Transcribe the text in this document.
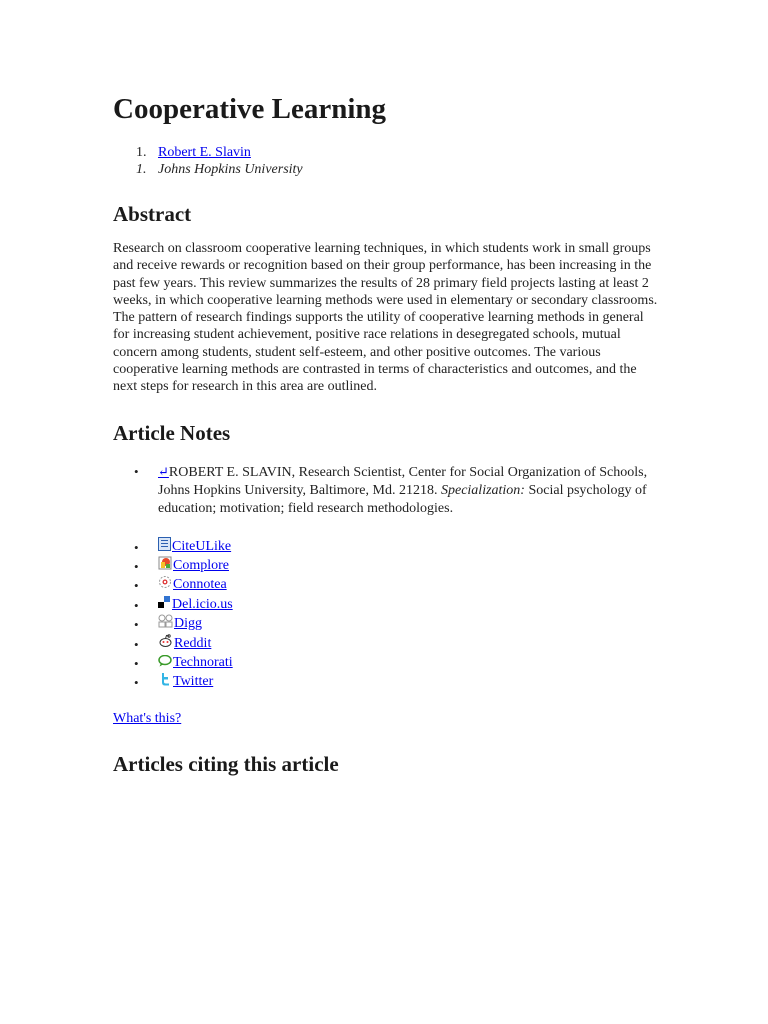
Cooperative Learning
1. Robert E. Slavin
1. Johns Hopkins University
Abstract

Research on classroom cooperative learning techniques, in which students work in small groups and receive rewards or recognition based on their group performance, has been increasing in the past few years. This review summarizes the results of 28 primary field projects lasting at least 2 weeks, in which cooperative learning methods were used in elementary or secondary classrooms. The pattern of research findings supports the utility of cooperative learning methods in general for increasing student achievement, positive race relations in desegregated schools, mutual concern among students, student self-esteem, and other positive outcomes. The various cooperative learning methods are contrasted in terms of characteristics and outcomes, and the next steps for research in this area are outlined.

Article Notes
• ↵ROBERT E. SLAVIN, Research Scientist, Center for Social Organization of Schools, Johns Hopkins University, Baltimore, Md. 21218. Specialization: Social psychology of education; motivation; field research methodologies.
• CiteULike
• Complore
• Connotea
• Del.icio.us
•	Digg
•	Reddit
• Technorati
• Twitter
What's this?
Articles citing this article
